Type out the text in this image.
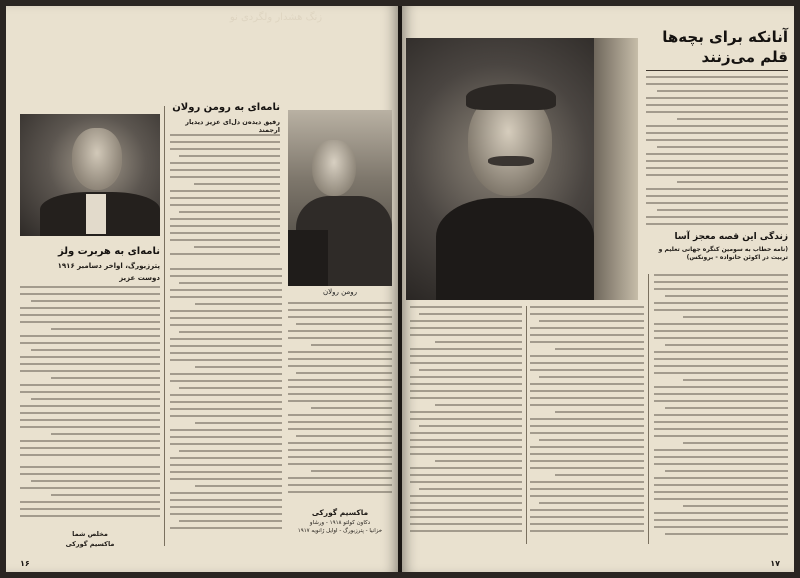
زنگ هشدار ولگردی نو
نامه‌ای به هربرت ولز
پترزبورگ، اواخر دسامبر ۱۹۱۶
دوست عزیز
مخلص شما
ماکسیم گورکی
نامه‌ای به رومن رولان
رفیق دیده‌ن دل‌ای عزیز دیدیار ارجمند
رومن رولان
ماکسیم گورکی
دکاون کولتو ۱۹۱۸ - ورشاو
خزانیا - پترزبورگ - اوایل ژانویه ۱۹۱۷
۱۶
آنانکه برای بچه‌ها
قلم می‌زنند
زندگی این قصه معجز آسا
(نامه خطاب به سومین کنگره جهانی تعلیم و تربیت در اکوئن خانواده - برونکس)
۱۷
